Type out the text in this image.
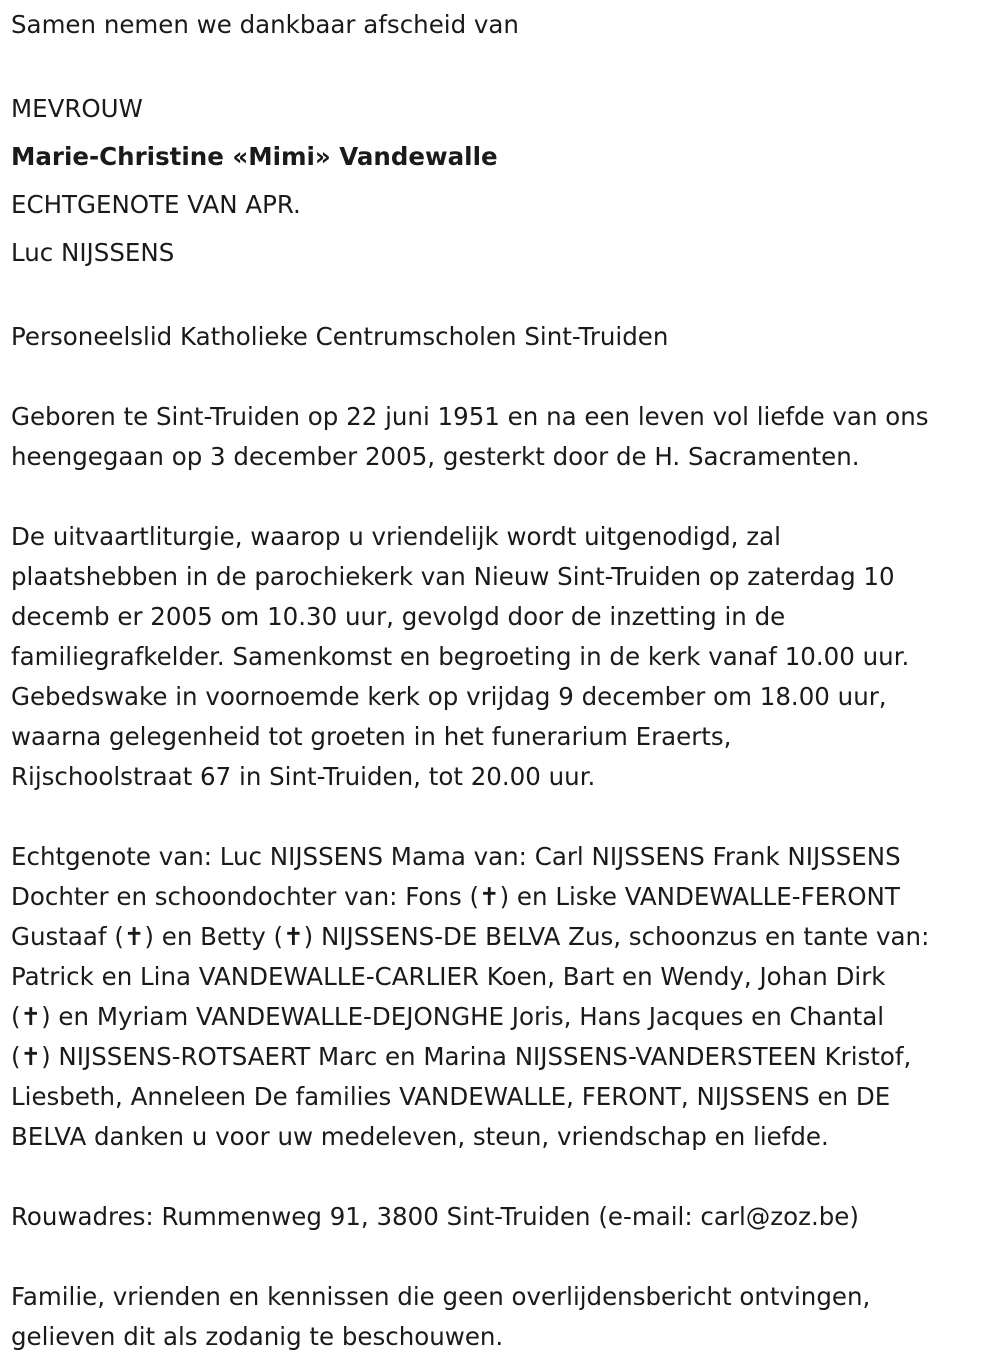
Samen nemen we dankbaar afscheid van
MEVROUW
Marie-Christine «Mimi» Vandewalle
ECHTGENOTE VAN APR.
Luc NIJSSENS
Personeelslid Katholieke Centrumscholen Sint-Truiden
Geboren te Sint-Truiden op 22 juni 1951 en na een leven vol liefde van ons
heengegaan op 3 december 2005, gesterkt door de H. Sacramenten.
De uitvaartliturgie, waarop u vriendelijk wordt uitgenodigd, zal
plaatshebben in de parochiekerk van Nieuw Sint-Truiden op zaterdag 10
decemb er 2005 om 10.30 uur, gevolgd door de inzetting in de
familiegrafkelder. Samenkomst en begroeting in de kerk vanaf 10.00 uur.
Gebedswake in voornoemde kerk op vrijdag 9 december om 18.00 uur,
waarna gelegenheid tot groeten in het funerarium Eraerts,
Rijschoolstraat 67 in Sint-Truiden, tot 20.00 uur.
Echtgenote van: Luc NIJSSENS Mama van: Carl NIJSSENS Frank NIJSSENS
Dochter en schoondochter van: Fons (✝) en Liske VANDEWALLE-FERONT
Gustaaf (✝) en Betty (✝) NIJSSENS-DE BELVA Zus, schoonzus en tante van:
Patrick en Lina VANDEWALLE-CARLIER Koen, Bart en Wendy, Johan Dirk
(✝) en Myriam VANDEWALLE-DEJONGHE Joris, Hans Jacques en Chantal
(✝) NIJSSENS-ROTSAERT Marc en Marina NIJSSENS-VANDERSTEEN Kristof,
Liesbeth, Anneleen De families VANDEWALLE, FERONT, NIJSSENS en DE
BELVA danken u voor uw medeleven, steun, vriendschap en liefde.
Rouwadres: Rummenweg 91, 3800 Sint-Truiden (e-mail: carl@zoz.be)
Familie, vrienden en kennissen die geen overlijdensbericht ontvingen,
gelieven dit als zodanig te beschouwen.
